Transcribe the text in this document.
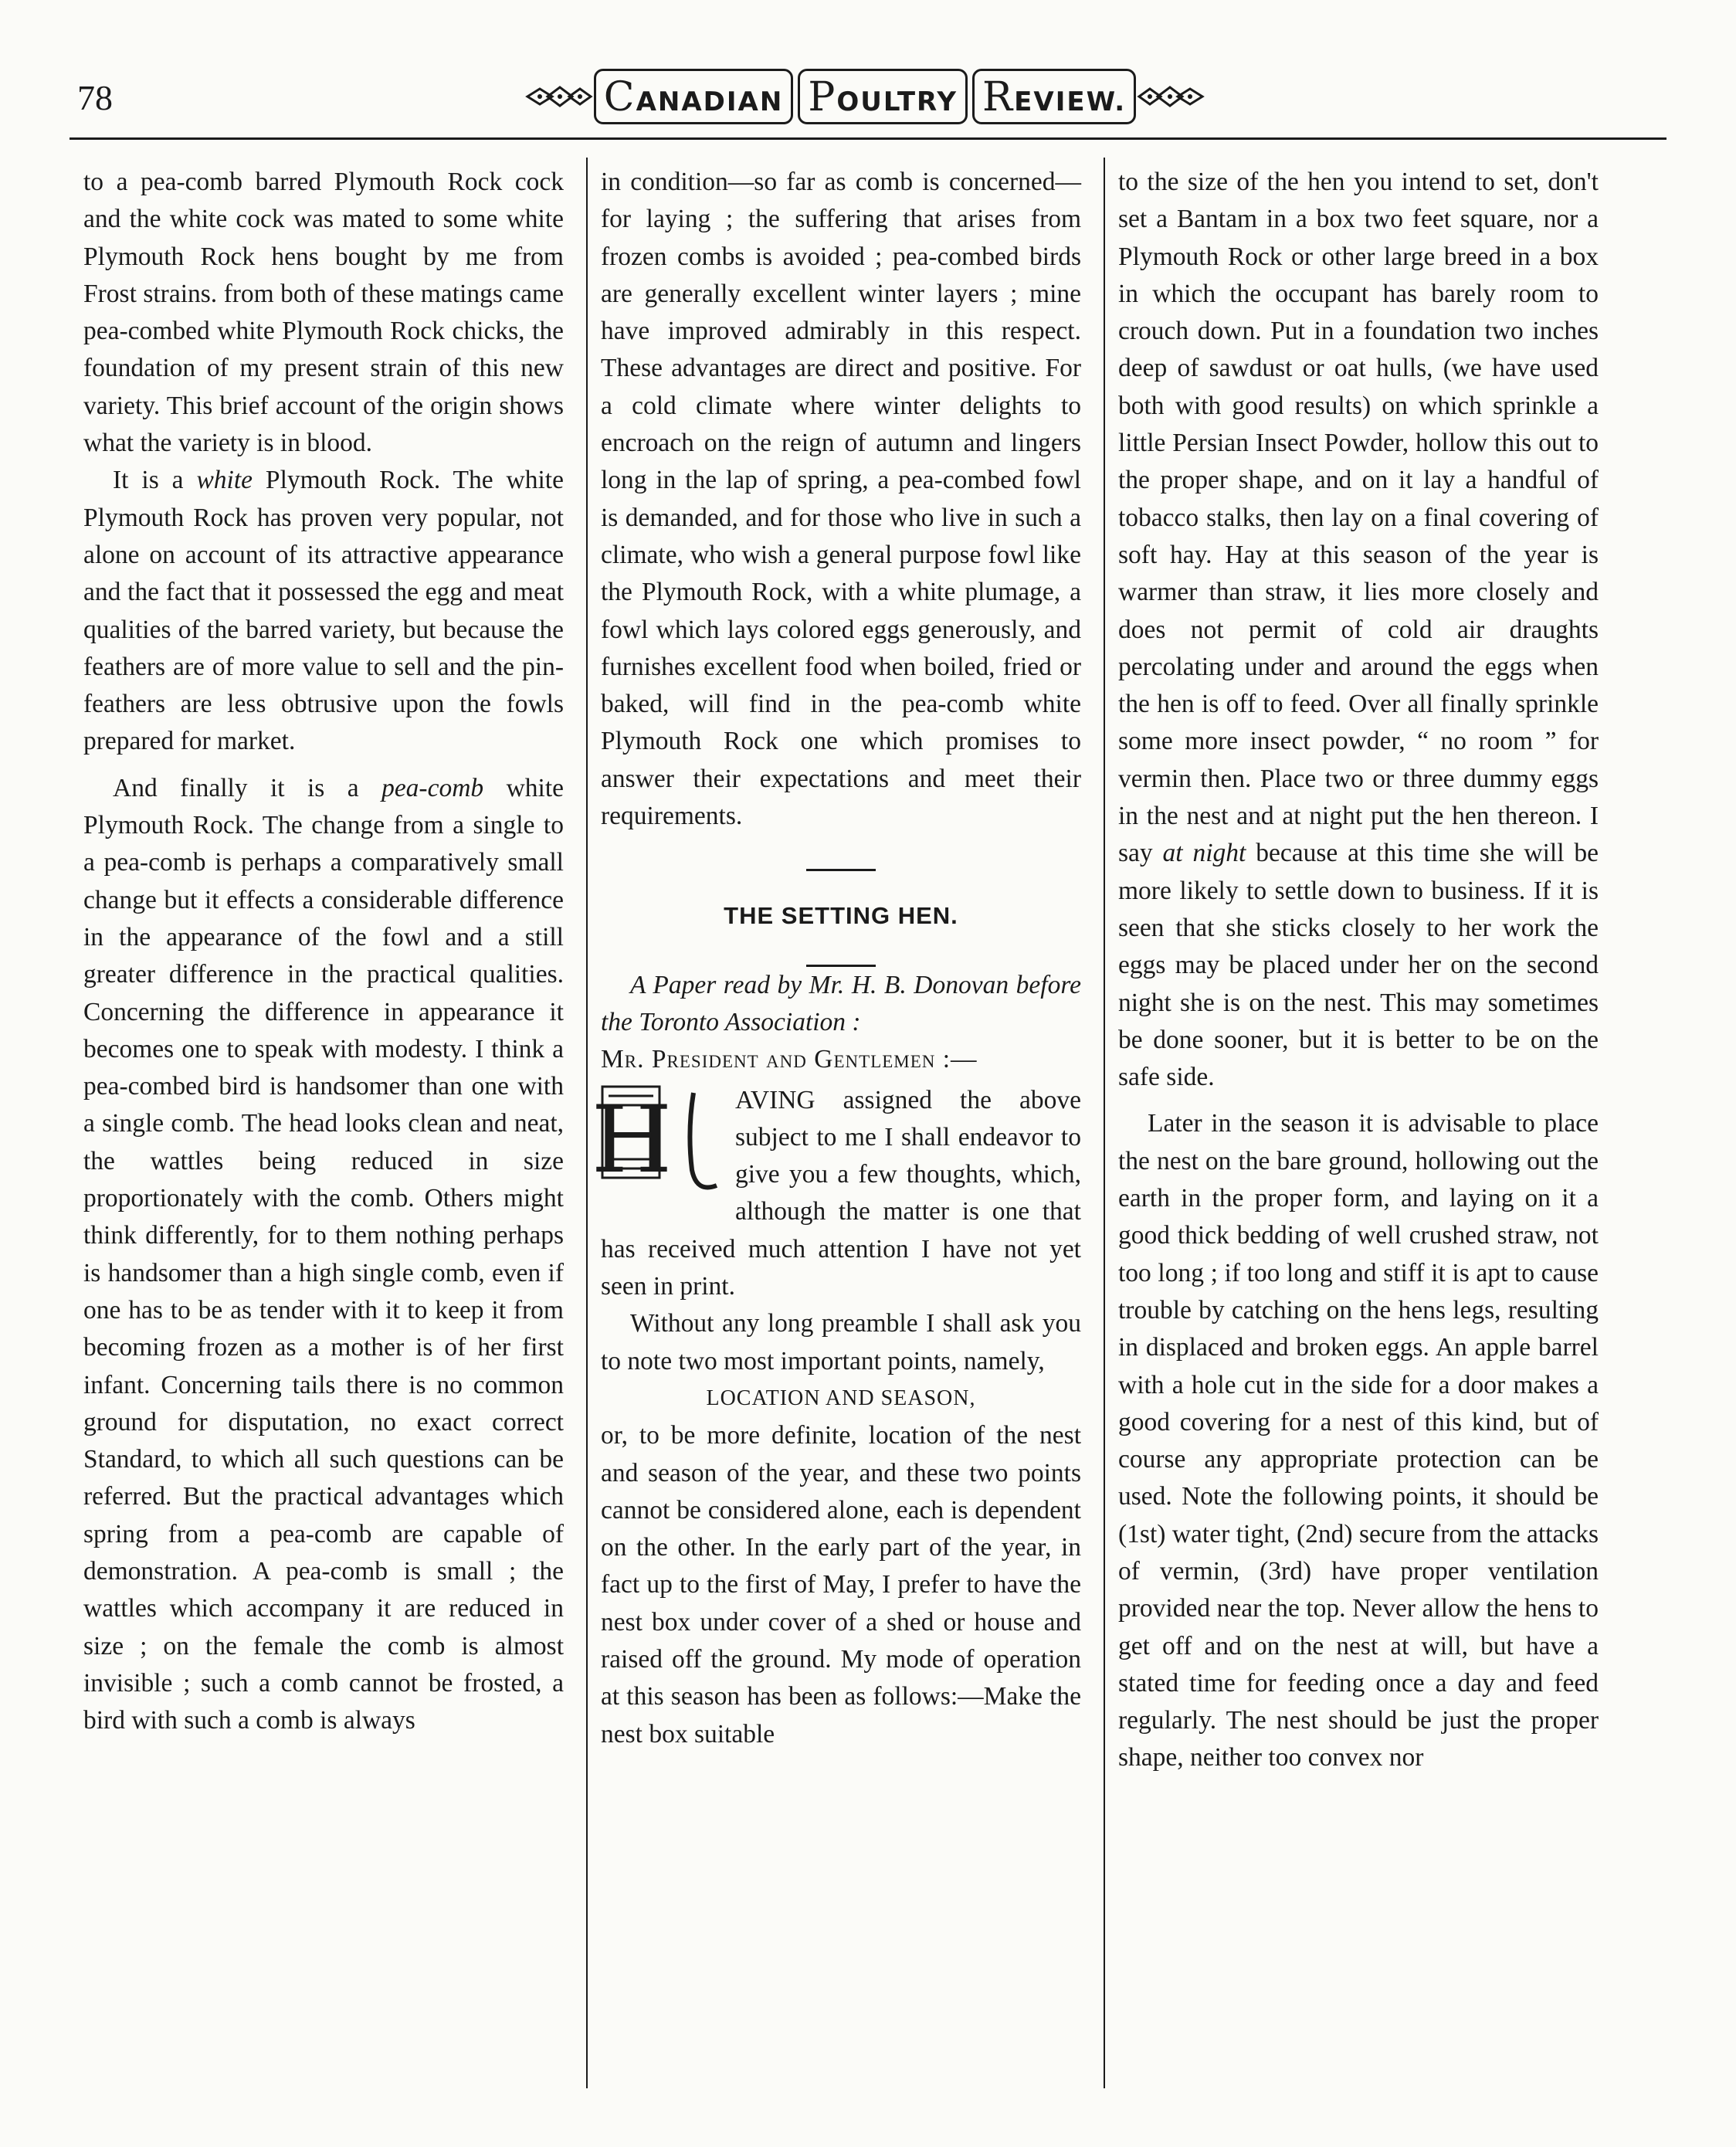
78	CANADIAN POULTRY REVIEW.

to a pea-comb barred Plymouth Rock cock and the white cock was mated to some white Plymouth Rock hens bought by me from Frost strains. from both of these matings came pea-combed white Plymouth Rock chicks, the foundation of my present strain of this new variety. This brief account of the origin shows what the variety is in blood.

It is a white Plymouth Rock. The white Plymouth Rock has proven very popular, not alone on account of its attractive appearance and the fact that it possessed the egg and meat qualities of the barred variety, but because the feathers are of more value to sell and the pin-feathers are less obtrusive upon the fowls prepared for market.

And finally it is a pea-comb white Plymouth Rock. The change from a single to a pea-comb is perhaps a comparatively small change but it effects a considerable difference in the appearance of the fowl and a still greater difference in the practical qualities. Concerning the difference in appearance it becomes one to speak with modesty. I think a pea-combed bird is handsomer than one with a single comb. The head looks clean and neat, the wattles being reduced in size proportionately with the comb. Others might think differently, for to them nothing perhaps is handsomer than a high single comb, even if one has to be as tender with it to keep it from becoming frozen as a mother is of her first infant. Concerning tails there is no common ground for disputation, no exact correct Standard, to which all such questions can be referred. But the practical advantages which spring from a pea-comb are capable of demonstration. A pea-comb is small ; the wattles which accompany it are reduced in size ; on the female the comb is almost invisible ; such a comb cannot be frosted, a bird with such a comb is always

in condition—so far as comb is concerned—for laying ; the suffering that arises from frozen combs is avoided ; pea-combed birds are generally excellent winter layers ; mine have improved admirably in this respect. These advantages are direct and positive. For a cold climate where winter delights to encroach on the reign of autumn and lingers long in the lap of spring, a pea-combed fowl is demanded, and for those who live in such a climate, who wish a general purpose fowl like the Plymouth Rock, with a white plumage, a fowl which lays colored eggs generously, and furnishes excellent food when boiled, fried or baked, will find in the pea-comb white Plymouth Rock one which promises to answer their expectations and meet their requirements.

THE SETTING HEN.

A Paper read by Mr. H. B. Donovan before the Toronto Association :

Mr. President and Gentlemen :—

H	AVING assigned the above subject to me I shall endeavor to give you a few thoughts, which, although the matter is one that has received much attention I have not yet seen in print.

Without any long preamble I shall ask you to note two most important points, namely,

LOCATION AND SEASON,

or, to be more definite, location of the nest and season of the year, and these two points cannot be considered alone, each is dependent on the other. In the early part of the year, in fact up to the first of May, I prefer to have the nest box under cover of a shed or house and raised off the ground. My mode of operation at this season has been as follows:—Make the nest box suitable

to the size of the hen you intend to set, don't set a Bantam in a box two feet square, nor a Plymouth Rock or other large breed in a box in which the occupant has barely room to crouch down. Put in a foundation two inches deep of sawdust or oat hulls, (we have used both with good results) on which sprinkle a little Persian Insect Powder, hollow this out to the proper shape, and on it lay a handful of tobacco stalks, then lay on a final covering of soft hay. Hay at this season of the year is warmer than straw, it lies more closely and does not permit of cold air draughts percolating under and around the eggs when the hen is off to feed. Over all finally sprinkle some more insect powder, “ no room ” for vermin then. Place two or three dummy eggs in the nest and at night put the hen thereon. I say at night because at this time she will be more likely to settle down to business. If it is seen that she sticks closely to her work the eggs may be placed under her on the second night she is on the nest. This may sometimes be done sooner, but it is better to be on the safe side.

Later in the season it is advisable to place the nest on the bare ground, hollowing out the earth in the proper form, and laying on it a good thick bedding of well crushed straw, not too long ; if too long and stiff it is apt to cause trouble by catching on the hens legs, resulting in displaced and broken eggs. An apple barrel with a hole cut in the side for a door makes a good covering for a nest of this kind, but of course any appropriate protection can be used. Note the following points, it should be (1st) water tight, (2nd) secure from the attacks of vermin, (3rd) have proper ventilation provided near the top. Never allow the hens to get off and on the nest at will, but have a stated time for feeding once a day and feed regularly. The nest should be just the proper shape, neither too convex nor
